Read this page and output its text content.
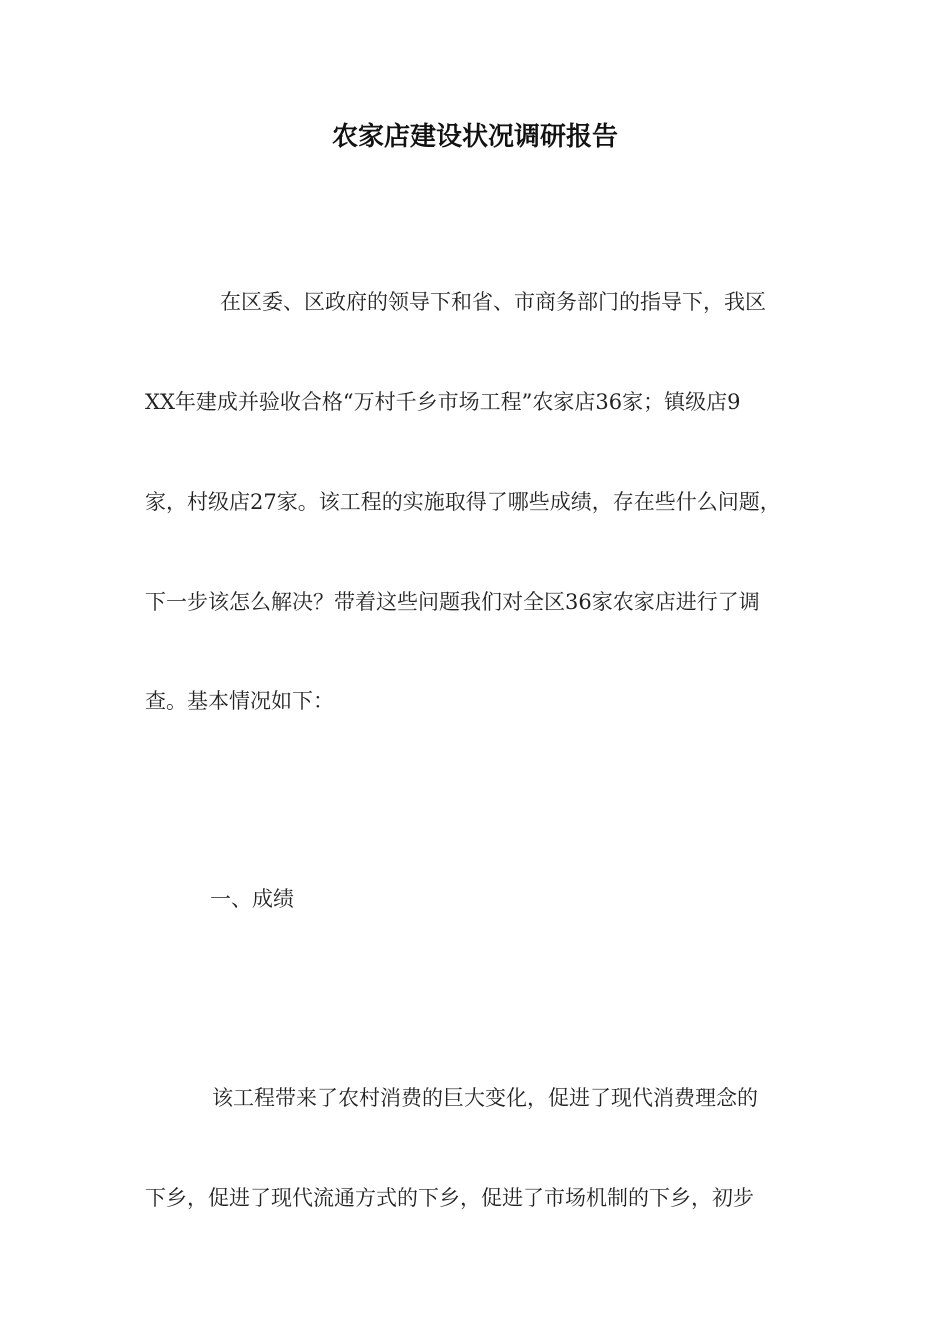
农家店建设状况调研报告

在区委、区政府的领导下和省、市商务部门的指导下，我区

XX年建成并验收合格“万村千乡市场工程”农家店36家；镇级店9

家，村级店27家。该工程的实施取得了哪些成绩，存在些什么问题，

下一步该怎么解决？带着这些问题我们对全区36家农家店进行了调

查。基本情况如下：

一、成绩

该工程带来了农村消费的巨大变化，促进了现代消费理念的

下乡，促进了现代流通方式的下乡，促进了市场机制的下乡，初步
